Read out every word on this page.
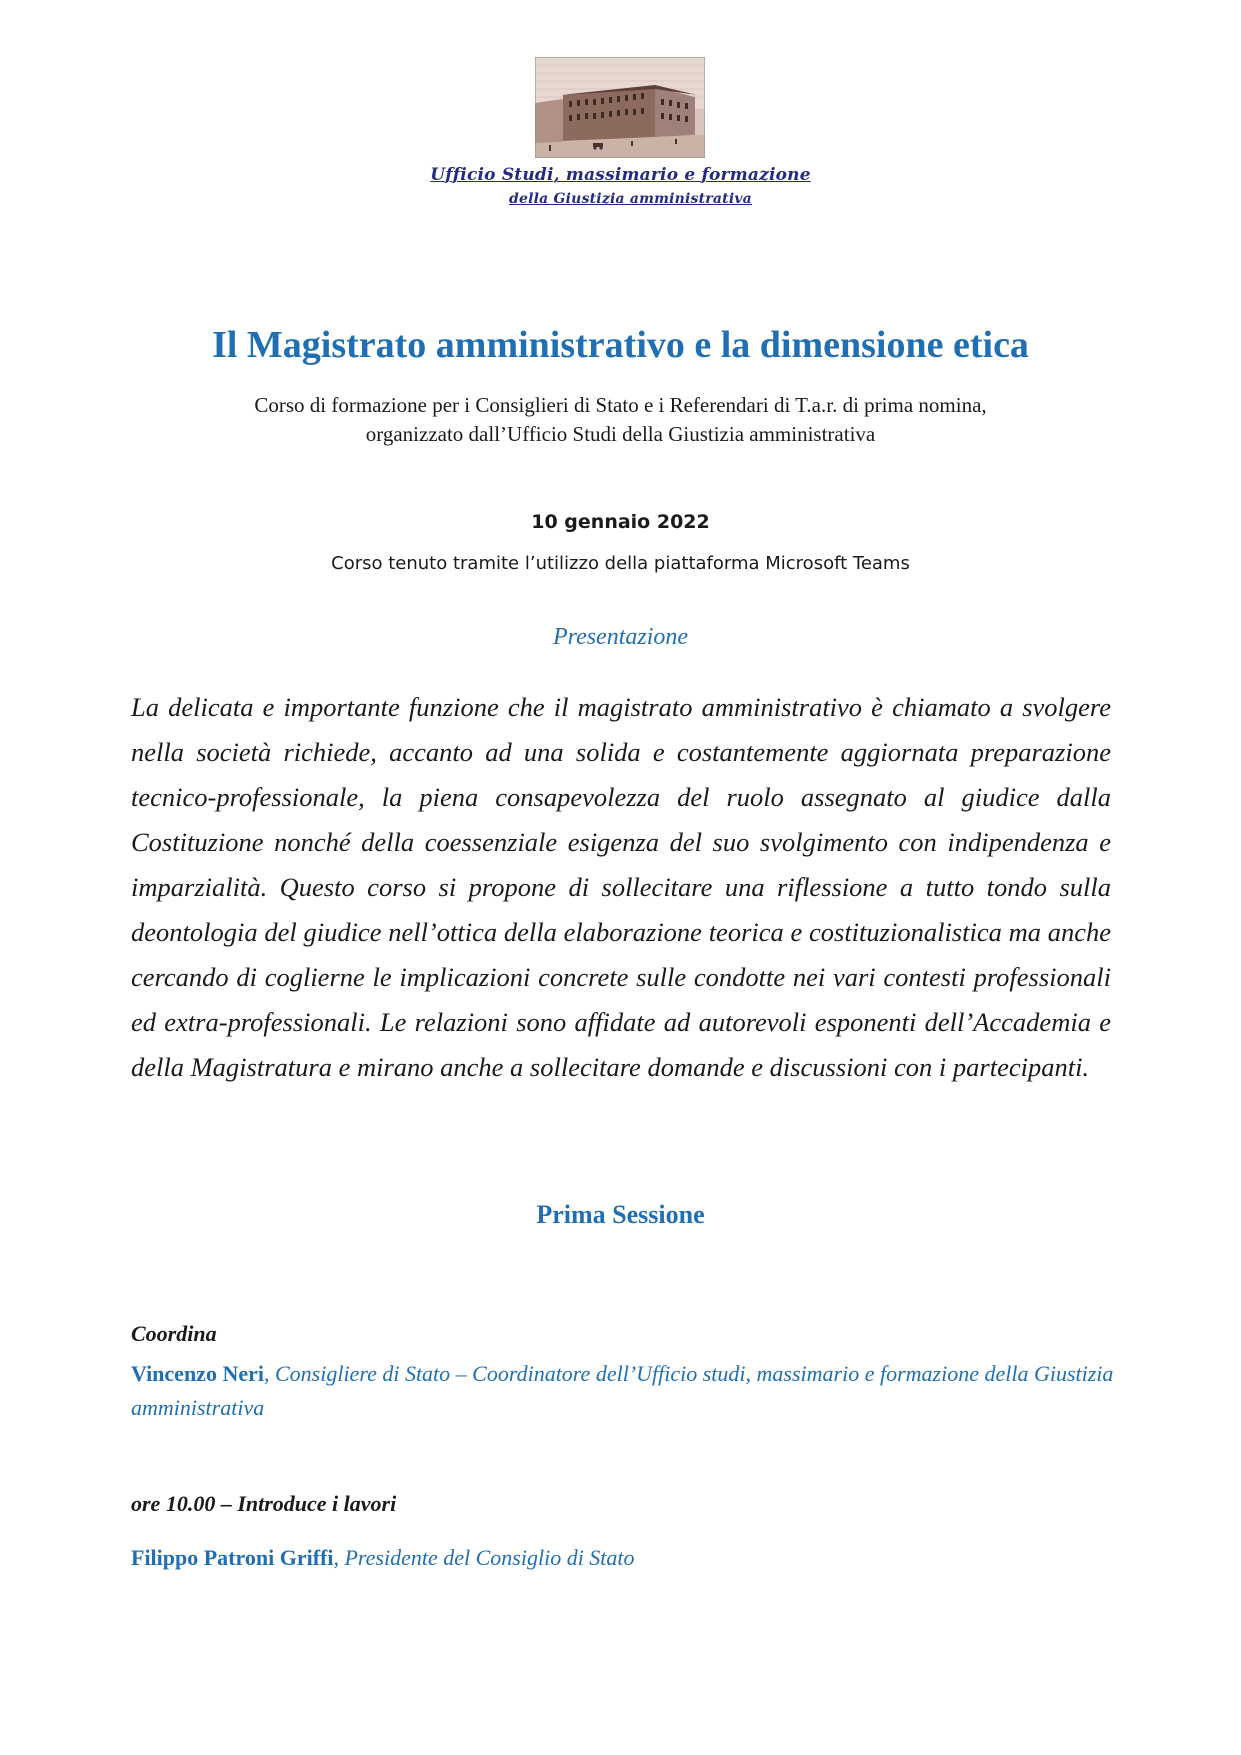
Ufficio Studi, massimario e formazione
della Giustizia amministrativa
Il Magistrato amministrativo e la dimensione etica
Corso di formazione per i Consiglieri di Stato e i Referendari di T.a.r. di prima nomina,
organizzato dall’Ufficio Studi della Giustizia amministrativa
10 gennaio 2022
Corso tenuto tramite l’utilizzo della piattaforma Microsoft Teams
Presentazione

La delicata e importante funzione che il magistrato amministrativo è chiamato a svolgere nella società richiede, accanto ad una solida e costantemente aggiornata preparazione tecnico-professionale, la piena consapevolezza del ruolo assegnato al giudice dalla Costituzione nonché della coessenziale esigenza del suo svolgimento con indipendenza e imparzialità. Questo corso si propone di sollecitare una riflessione a tutto tondo sulla deontologia del giudice nell’ottica della elaborazione teorica e costituzionalistica ma anche cercando di coglierne le implicazioni concrete sulle condotte nei vari contesti professionali ed extra-professionali. Le relazioni sono affidate ad autorevoli esponenti dell’Accademia e della Magistratura e mirano anche a sollecitare domande e discussioni con i partecipanti.

Prima Sessione
Coordina
Vincenzo Neri, Consigliere di Stato – Coordinatore dell’Ufficio studi, massimario e formazione della Giustizia amministrativa
ore 10.00 – Introduce i lavori
Filippo Patroni Griffi, Presidente del Consiglio di Stato
